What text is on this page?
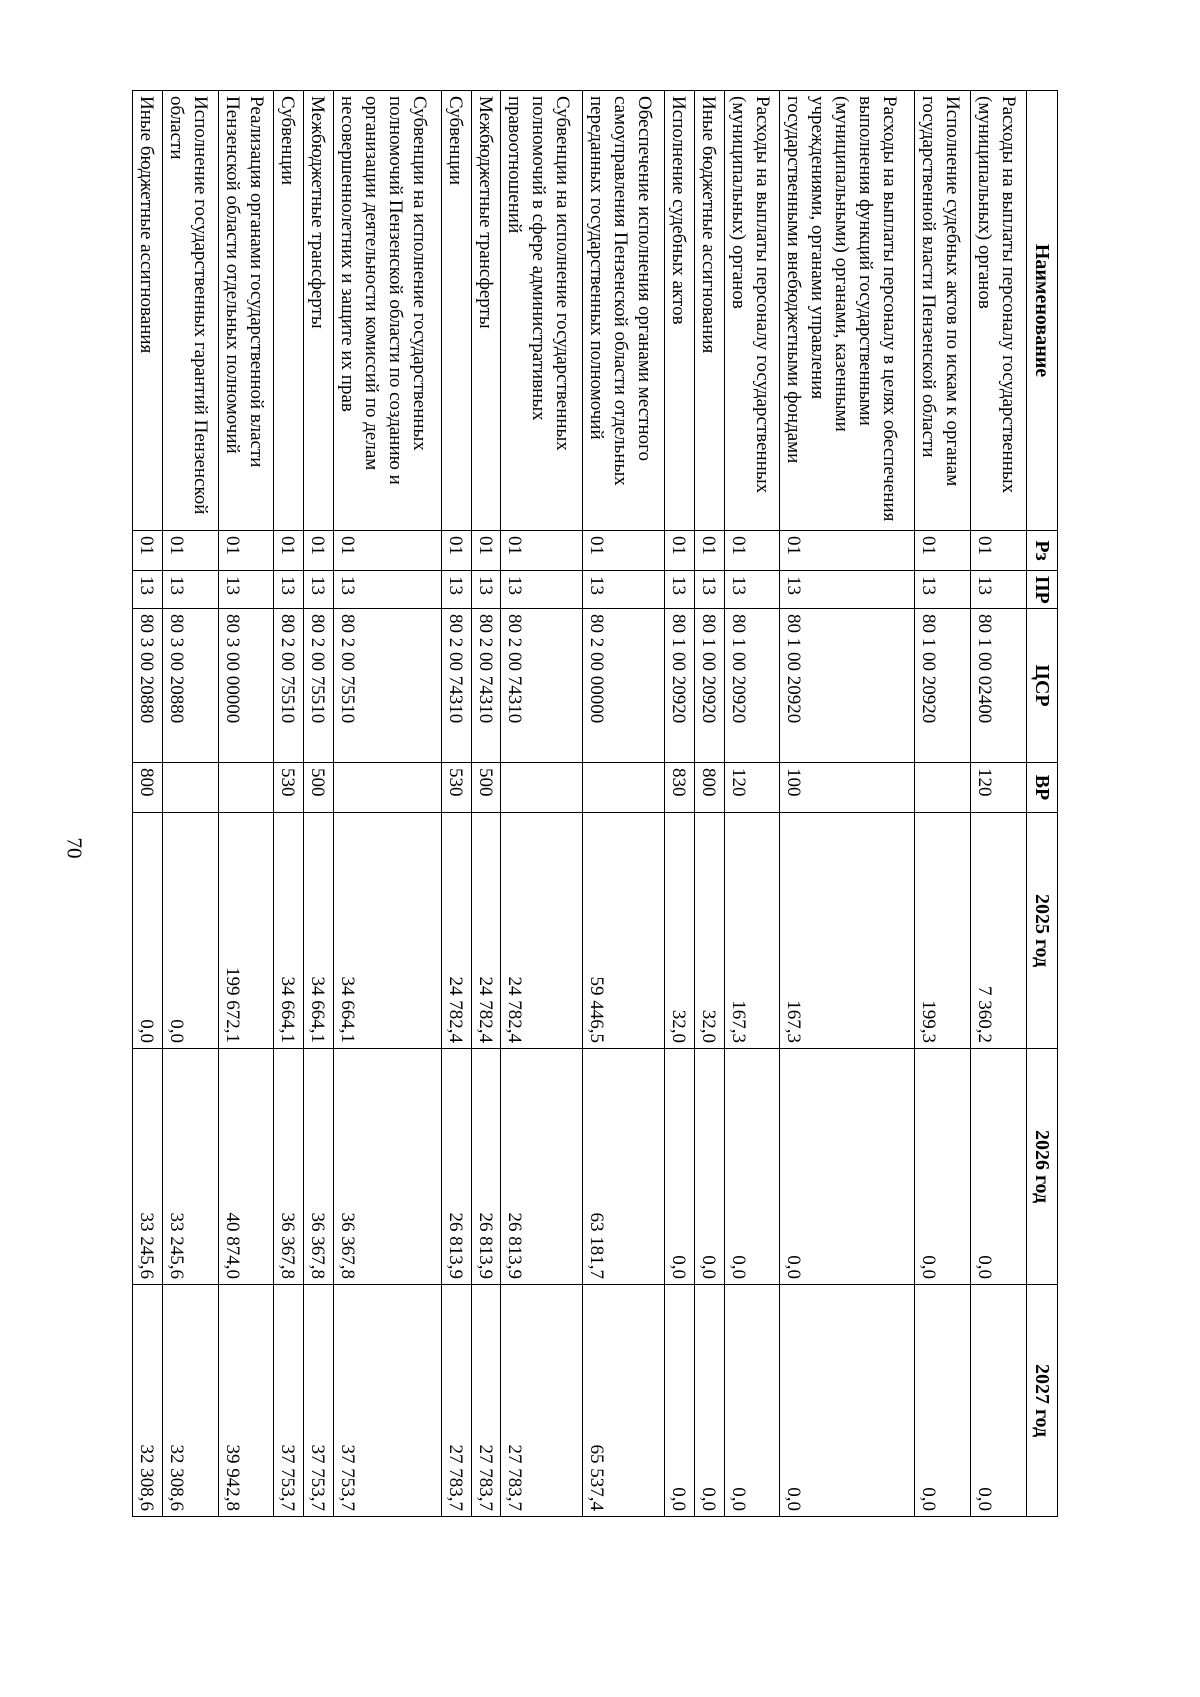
70
Наименование	Рз	ПР	ЦСР	ВР	2025 год	2026 год	2027 год
Расходы на выплаты персоналу государственных (муниципальных) органов	01	13	80 1 00 02400	120	7 360,2	0,0	0,0
Исполнение судебных актов по искам к органам государственной власти Пензенской области	01	13	80 1 00 20920		199,3	0,0	0,0
Расходы на выплаты персоналу в целях обеспечения выполнения функций государственными (муниципальными) органами, казенными учреждениями, органами управления государственными внебюджетными фондами	01	13	80 1 00 20920	100	167,3	0,0	0,0
Расходы на выплаты персоналу государственных (муниципальных) органов	01	13	80 1 00 20920	120	167,3	0,0	0,0
Иные бюджетные ассигнования	01	13	80 1 00 20920	800	32,0	0,0	0,0
Исполнение судебных актов	01	13	80 1 00 20920	830	32,0	0,0	0,0
Обеспечение исполнения органами местного самоуправления Пензенской области отдельных переданных государственных полномочий	01	13	80 2 00 00000		59 446,5	63 181,7	65 537,4
Субвенции на исполнение государственных полномочий в сфере административных правоотношений	01	13	80 2 00 74310		24 782,4	26 813,9	27 783,7
Межбюджетные трансферты	01	13	80 2 00 74310	500	24 782,4	26 813,9	27 783,7
Субвенции	01	13	80 2 00 74310	530	24 782,4	26 813,9	27 783,7
Субвенции на исполнение государственных полномочий Пензенской области по созданию и организации деятельности комиссий по делам несовершеннолетних и защите их прав	01	13	80 2 00 75510		34 664,1	36 367,8	37 753,7
Межбюджетные трансферты	01	13	80 2 00 75510	500	34 664,1	36 367,8	37 753,7
Субвенции	01	13	80 2 00 75510	530	34 664,1	36 367,8	37 753,7
Реализация органами государственной власти Пензенской области отдельных полномочий	01	13	80 3 00 00000		199 672,1	40 874,0	39 942,8
Исполнение государственных гарантий Пензенской области	01	13	80 3 00 20880		0,0	33 245,6	32 308,6
Иные бюджетные ассигнования	01	13	80 3 00 20880	800	0,0	33 245,6	32 308,6
